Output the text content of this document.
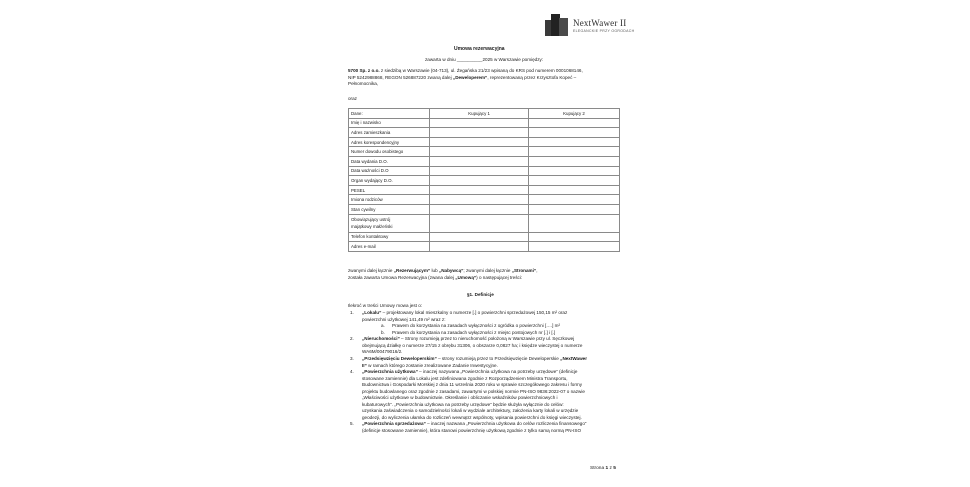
NextWawer II
ELEGANCKIE PRZY OGRODACH
Umowa rezerwacyjna
zawarta w dniu __________2025 w Warszawie pomiędzy:
5700 Sp. z o.o. z siedzibą w Warszawie (04-713), ul. Żegańska 21/23 wpisaną do KRS pod numerem 0001068146,
NIP 5242988868, REGON 526887220 zwaną dalej „Deweloperem”, reprezentowaną przez Krzysztofa Kopeć –
Pełnomocnika,
oraz
Dane:	Kupujący 1	Kupujący 2
Imię i nazwisko		
Adres zamieszkania		
Adres korespondencyjny		
Numer dowodu osobistego		
Data wydania D.O.		
Data ważności D.O		
Organ wydający D.O.		
PESEL		
Imiona rodziców		
Stan cywilny		

Obowiązujący ustrój
majątkowy małżeński		

Telefon kontaktowy		
Adres e-mail		
zwanymi dalej łącznie „Rezerwującym” lub „Nabywcą”; zwanymi dalej łącznie „Stronami”,
została zawarta Umowa Rezerwacyjna (zwana dalej „Umową”) o następującej treści:
§1. Definicje
Ilekroć w treści Umowy mowa jest o:
1. „Lokalu” – projektowany lokal mieszkalny o numerze [.] o powierzchni sprzedażowej 150,15 m² oraz
powierzchni użytkowej 141,49 m² wraz z:
a. Prawem do korzystania na zasadach wyłączności z ogródka o powierzchni [….] m²
b. Prawem do korzystania na zasadach wyłączności z miejsc postojowych nr [.] i [.]
2. „Nieruchomości” – Strony rozumieją przez to nieruchomość położoną w Warszawie przy ul. Sęczkowej
obejmującą działkę o numerze 27/15 z obrębu 31306, o obszarze 0,0827 ha; i księdze wieczystej o numerze
WA6M/00479016/2.
3. „Przedsięwzięciu Deweloperskim” – strony rozumieją przez to Przedsięwzięcie Deweloperskie „NextWawer
II” w ramach którego zostanie zrealizowane Zadanie Inwestycyjne.
4. „Powierzchnia użytkowa” – inaczej nazywana „Powierzchnia użytkowa na potrzeby urzędowe” (definicje
stosowane zamiennie) dla Lokalu jest zdefiniowana zgodnie z Rozporządzeniem Ministra Transportu,
Budownictwa i Gospodarki Morskiej z dnia 11 września 2020 roku w sprawie szczegółowego zakresu i formy
projektu budowlanego oraz zgodnie z zasadami, zawartymi w polskiej normie PN-ISO 9836:2022-07 o nazwie
„Właściwości użytkowe w budownictwie. Określanie i obliczanie wskaźników powierzchniowych i
kubaturowych”. „Powierzchnia użytkowa na potrzeby urzędowe” będzie służyła wyłącznie do celów:
uzyskania zaświadczenia o samodzielności lokali w wydziale architektury, założenia karty lokali w urzędzie
geodezji, do wyliczenia ułamka do rozliczeń wewnątrz wspólnoty, wpisania powierzchni do księgi wieczystej.
5. „Powierzchnia sprzedażowa” – inaczej nazwana „Powierzchnia użytkowa do celów rozliczenia finansowego”
(definicje stosowane zamiennie), która stanowi powierzchnię użytkową zgodnie z tylko samą normą PN-ISO
Strona 1 z 5
